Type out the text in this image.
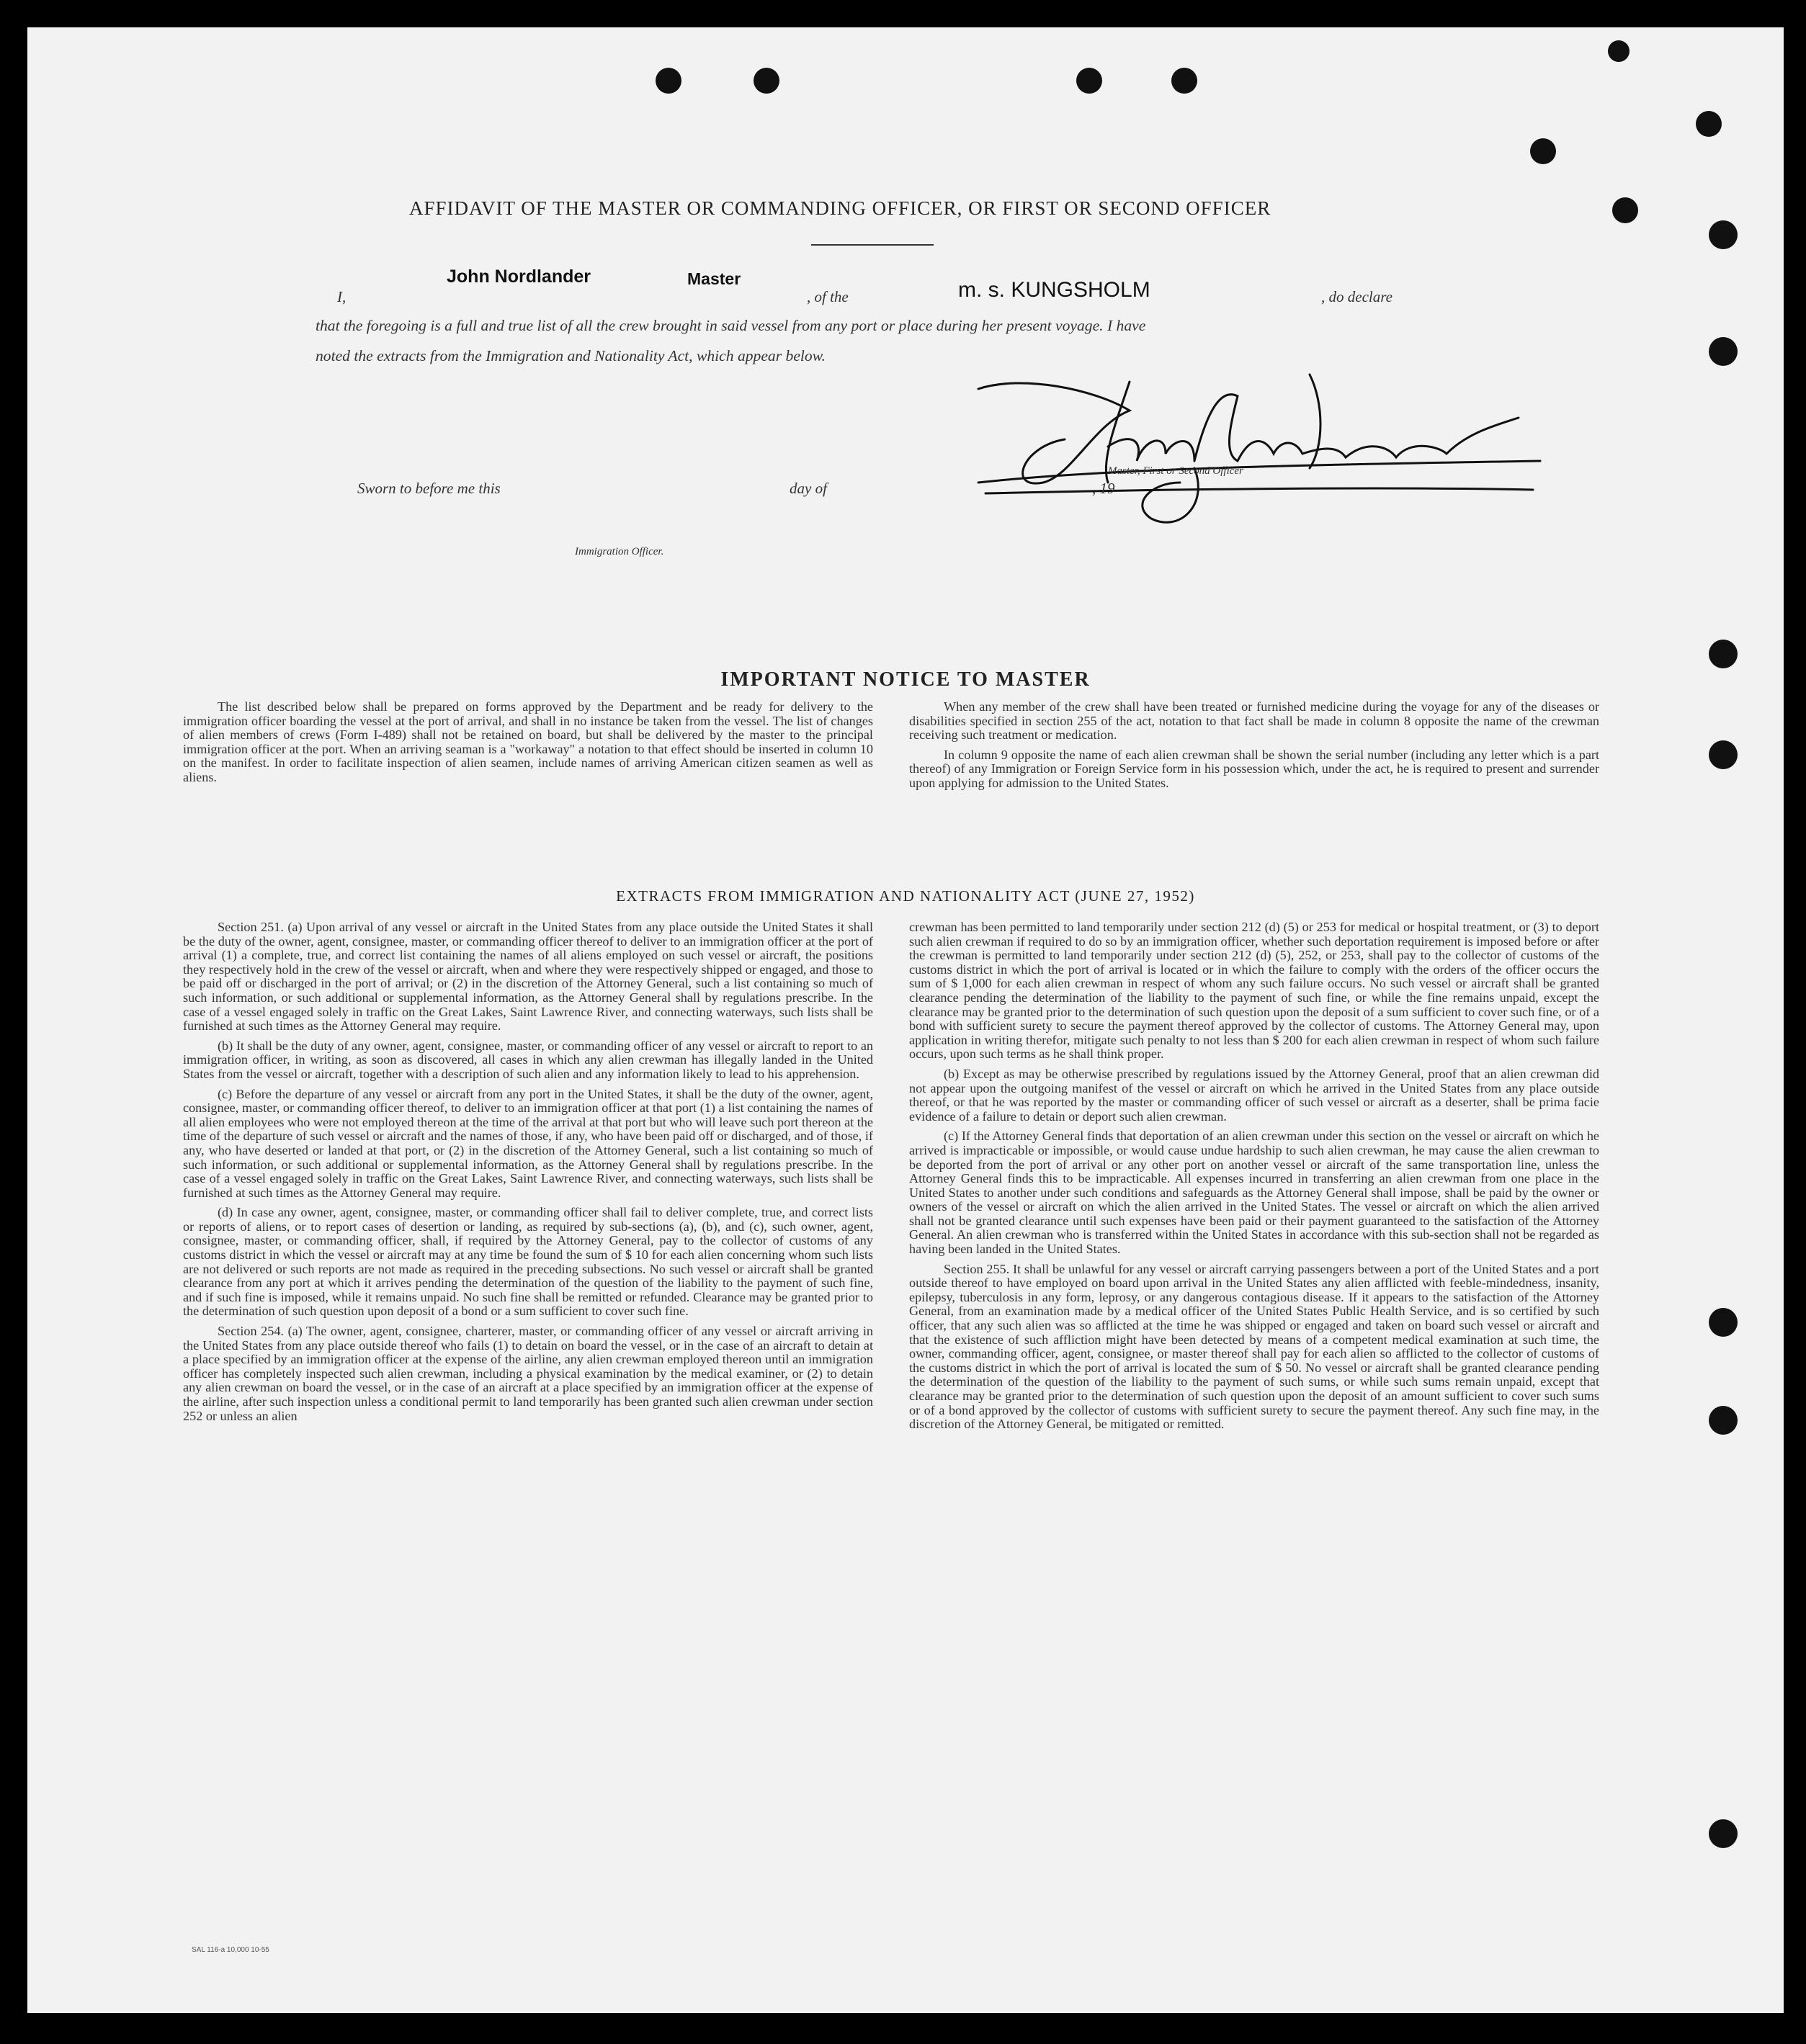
AFFIDAVIT OF THE MASTER OR COMMANDING OFFICER, OR FIRST OR SECOND OFFICER
I,
John Nordlander	Master
, of the	m. s. KUNGSHOLM	, do declare
that the foregoing is a full and true list of all the crew brought in said vessel from any port or place during her present voyage. I have
noted the extracts from the Immigration and Nationality Act, which appear below.
Master, First or Second Officer
Sworn to before me this	day of	, 19
Immigration Officer.
IMPORTANT NOTICE TO MASTER

The list described below shall be prepared on forms approved by the Department and be ready for delivery to the immigration officer boarding the vessel at the port of arrival, and shall in no instance be taken from the vessel. The list of changes of alien members of crews (Form I-489) shall not be retained on board, but shall be delivered by the master to the principal immigration officer at the port. When an arriving seaman is a "workaway" a notation to that effect should be inserted in column 10 on the manifest. In order to facilitate inspection of alien seamen, include names of arriving American citizen seamen as well as aliens.

When any member of the crew shall have been treated or furnished medicine during the voyage for any of the diseases or disabilities specified in section 255 of the act, notation to that fact shall be made in column 8 opposite the name of the crewman receiving such treatment or medication.

In column 9 opposite the name of each alien crewman shall be shown the serial number (including any letter which is a part thereof) of any Immigration or Foreign Service form in his possession which, under the act, he is required to present and surrender upon applying for admission to the United States.

EXTRACTS FROM IMMIGRATION AND NATIONALITY ACT (JUNE 27, 1952)

Section 251. (a) Upon arrival of any vessel or aircraft in the United States from any place outside the United States it shall be the duty of the owner, agent, consignee, master, or commanding officer thereof to deliver to an immigration officer at the port of arrival (1) a complete, true, and correct list containing the names of all aliens employed on such vessel or aircraft, the positions they respectively hold in the crew of the vessel or aircraft, when and where they were respectively shipped or engaged, and those to be paid off or discharged in the port of arrival; or (2) in the discretion of the Attorney General, such a list containing so much of such information, or such additional or supplemental information, as the Attorney General shall by regulations prescribe. In the case of a vessel engaged solely in traffic on the Great Lakes, Saint Lawrence River, and connecting waterways, such lists shall be furnished at such times as the Attorney General may require.

(b) It shall be the duty of any owner, agent, consignee, master, or commanding officer of any vessel or aircraft to report to an immigration officer, in writing, as soon as discovered, all cases in which any alien crewman has illegally landed in the United States from the vessel or aircraft, together with a description of such alien and any information likely to lead to his apprehension.

(c) Before the departure of any vessel or aircraft from any port in the United States, it shall be the duty of the owner, agent, consignee, master, or commanding officer thereof, to deliver to an immigration officer at that port (1) a list containing the names of all alien employees who were not employed thereon at the time of the arrival at that port but who will leave such port thereon at the time of the departure of such vessel or aircraft and the names of those, if any, who have been paid off or discharged, and of those, if any, who have deserted or landed at that port, or (2) in the discretion of the Attorney General, such a list containing so much of such information, or such additional or supplemental information, as the Attorney General shall by regulations prescribe. In the case of a vessel engaged solely in traffic on the Great Lakes, Saint Lawrence River, and connecting waterways, such lists shall be furnished at such times as the Attorney General may require.

(d) In case any owner, agent, consignee, master, or commanding officer shall fail to deliver complete, true, and correct lists or reports of aliens, or to report cases of desertion or landing, as required by sub-sections (a), (b), and (c), such owner, agent, consignee, master, or commanding officer, shall, if required by the Attorney General, pay to the collector of customs of any customs district in which the vessel or aircraft may at any time be found the sum of $ 10 for each alien concerning whom such lists are not delivered or such reports are not made as required in the preceding subsections. No such vessel or aircraft shall be granted clearance from any port at which it arrives pending the determination of the question of the liability to the payment of such fine, and if such fine is imposed, while it remains unpaid. No such fine shall be remitted or refunded. Clearance may be granted prior to the determination of such question upon deposit of a bond or a sum sufficient to cover such fine.

Section 254. (a) The owner, agent, consignee, charterer, master, or commanding officer of any vessel or aircraft arriving in the United States from any place outside thereof who fails (1) to detain on board the vessel, or in the case of an aircraft to detain at a place specified by an immigration officer at the expense of the airline, any alien crewman employed thereon until an immigration officer has completely inspected such alien crewman, including a physical examination by the medical examiner, or (2) to detain any alien crewman on board the vessel, or in the case of an aircraft at a place specified by an immigration officer at the expense of the airline, after such inspection unless a conditional permit to land temporarily has been granted such alien crewman under section 252 or unless an alien

crewman has been permitted to land temporarily under section 212 (d) (5) or 253 for medical or hospital treatment, or (3) to deport such alien crewman if required to do so by an immigration officer, whether such deportation requirement is imposed before or after the crewman is permitted to land temporarily under section 212 (d) (5), 252, or 253, shall pay to the collector of customs of the customs district in which the port of arrival is located or in which the failure to comply with the orders of the officer occurs the sum of $ 1,000 for each alien crewman in respect of whom any such failure occurs. No such vessel or aircraft shall be granted clearance pending the determination of the liability to the payment of such fine, or while the fine remains unpaid, except the clearance may be granted prior to the determination of such question upon the deposit of a sum sufficient to cover such fine, or of a bond with sufficient surety to secure the payment thereof approved by the collector of customs. The Attorney General may, upon application in writing therefor, mitigate such penalty to not less than $ 200 for each alien crewman in respect of whom such failure occurs, upon such terms as he shall think proper.

(b) Except as may be otherwise prescribed by regulations issued by the Attorney General, proof that an alien crewman did not appear upon the outgoing manifest of the vessel or aircraft on which he arrived in the United States from any place outside thereof, or that he was reported by the master or commanding officer of such vessel or aircraft as a deserter, shall be prima facie evidence of a failure to detain or deport such alien crewman.

(c) If the Attorney General finds that deportation of an alien crewman under this section on the vessel or aircraft on which he arrived is impracticable or impossible, or would cause undue hardship to such alien crewman, he may cause the alien crewman to be deported from the port of arrival or any other port on another vessel or aircraft of the same transportation line, unless the Attorney General finds this to be impracticable. All expenses incurred in transferring an alien crewman from one place in the United States to another under such conditions and safeguards as the Attorney General shall impose, shall be paid by the owner or owners of the vessel or aircraft on which the alien arrived in the United States. The vessel or aircraft on which the alien arrived shall not be granted clearance until such expenses have been paid or their payment guaranteed to the satisfaction of the Attorney General. An alien crewman who is transferred within the United States in accordance with this sub-section shall not be regarded as having been landed in the United States.

Section 255. It shall be unlawful for any vessel or aircraft carrying passengers between a port of the United States and a port outside thereof to have employed on board upon arrival in the United States any alien afflicted with feeble-mindedness, insanity, epilepsy, tuberculosis in any form, leprosy, or any dangerous contagious disease. If it appears to the satisfaction of the Attorney General, from an examination made by a medical officer of the United States Public Health Service, and is so certified by such officer, that any such alien was so afflicted at the time he was shipped or engaged and taken on board such vessel or aircraft and that the existence of such affliction might have been detected by means of a competent medical examination at such time, the owner, commanding officer, agent, consignee, or master thereof shall pay for each alien so afflicted to the collector of customs of the customs district in which the port of arrival is located the sum of $ 50. No vessel or aircraft shall be granted clearance pending the determination of the question of the liability to the payment of such sums, or while such sums remain unpaid, except that clearance may be granted prior to the determination of such question upon the deposit of an amount sufficient to cover such sums or of a bond approved by the collector of customs with sufficient surety to secure the payment thereof. Any such fine may, in the discretion of the Attorney General, be mitigated or remitted.

SAL 116-a 10,000 10-55
